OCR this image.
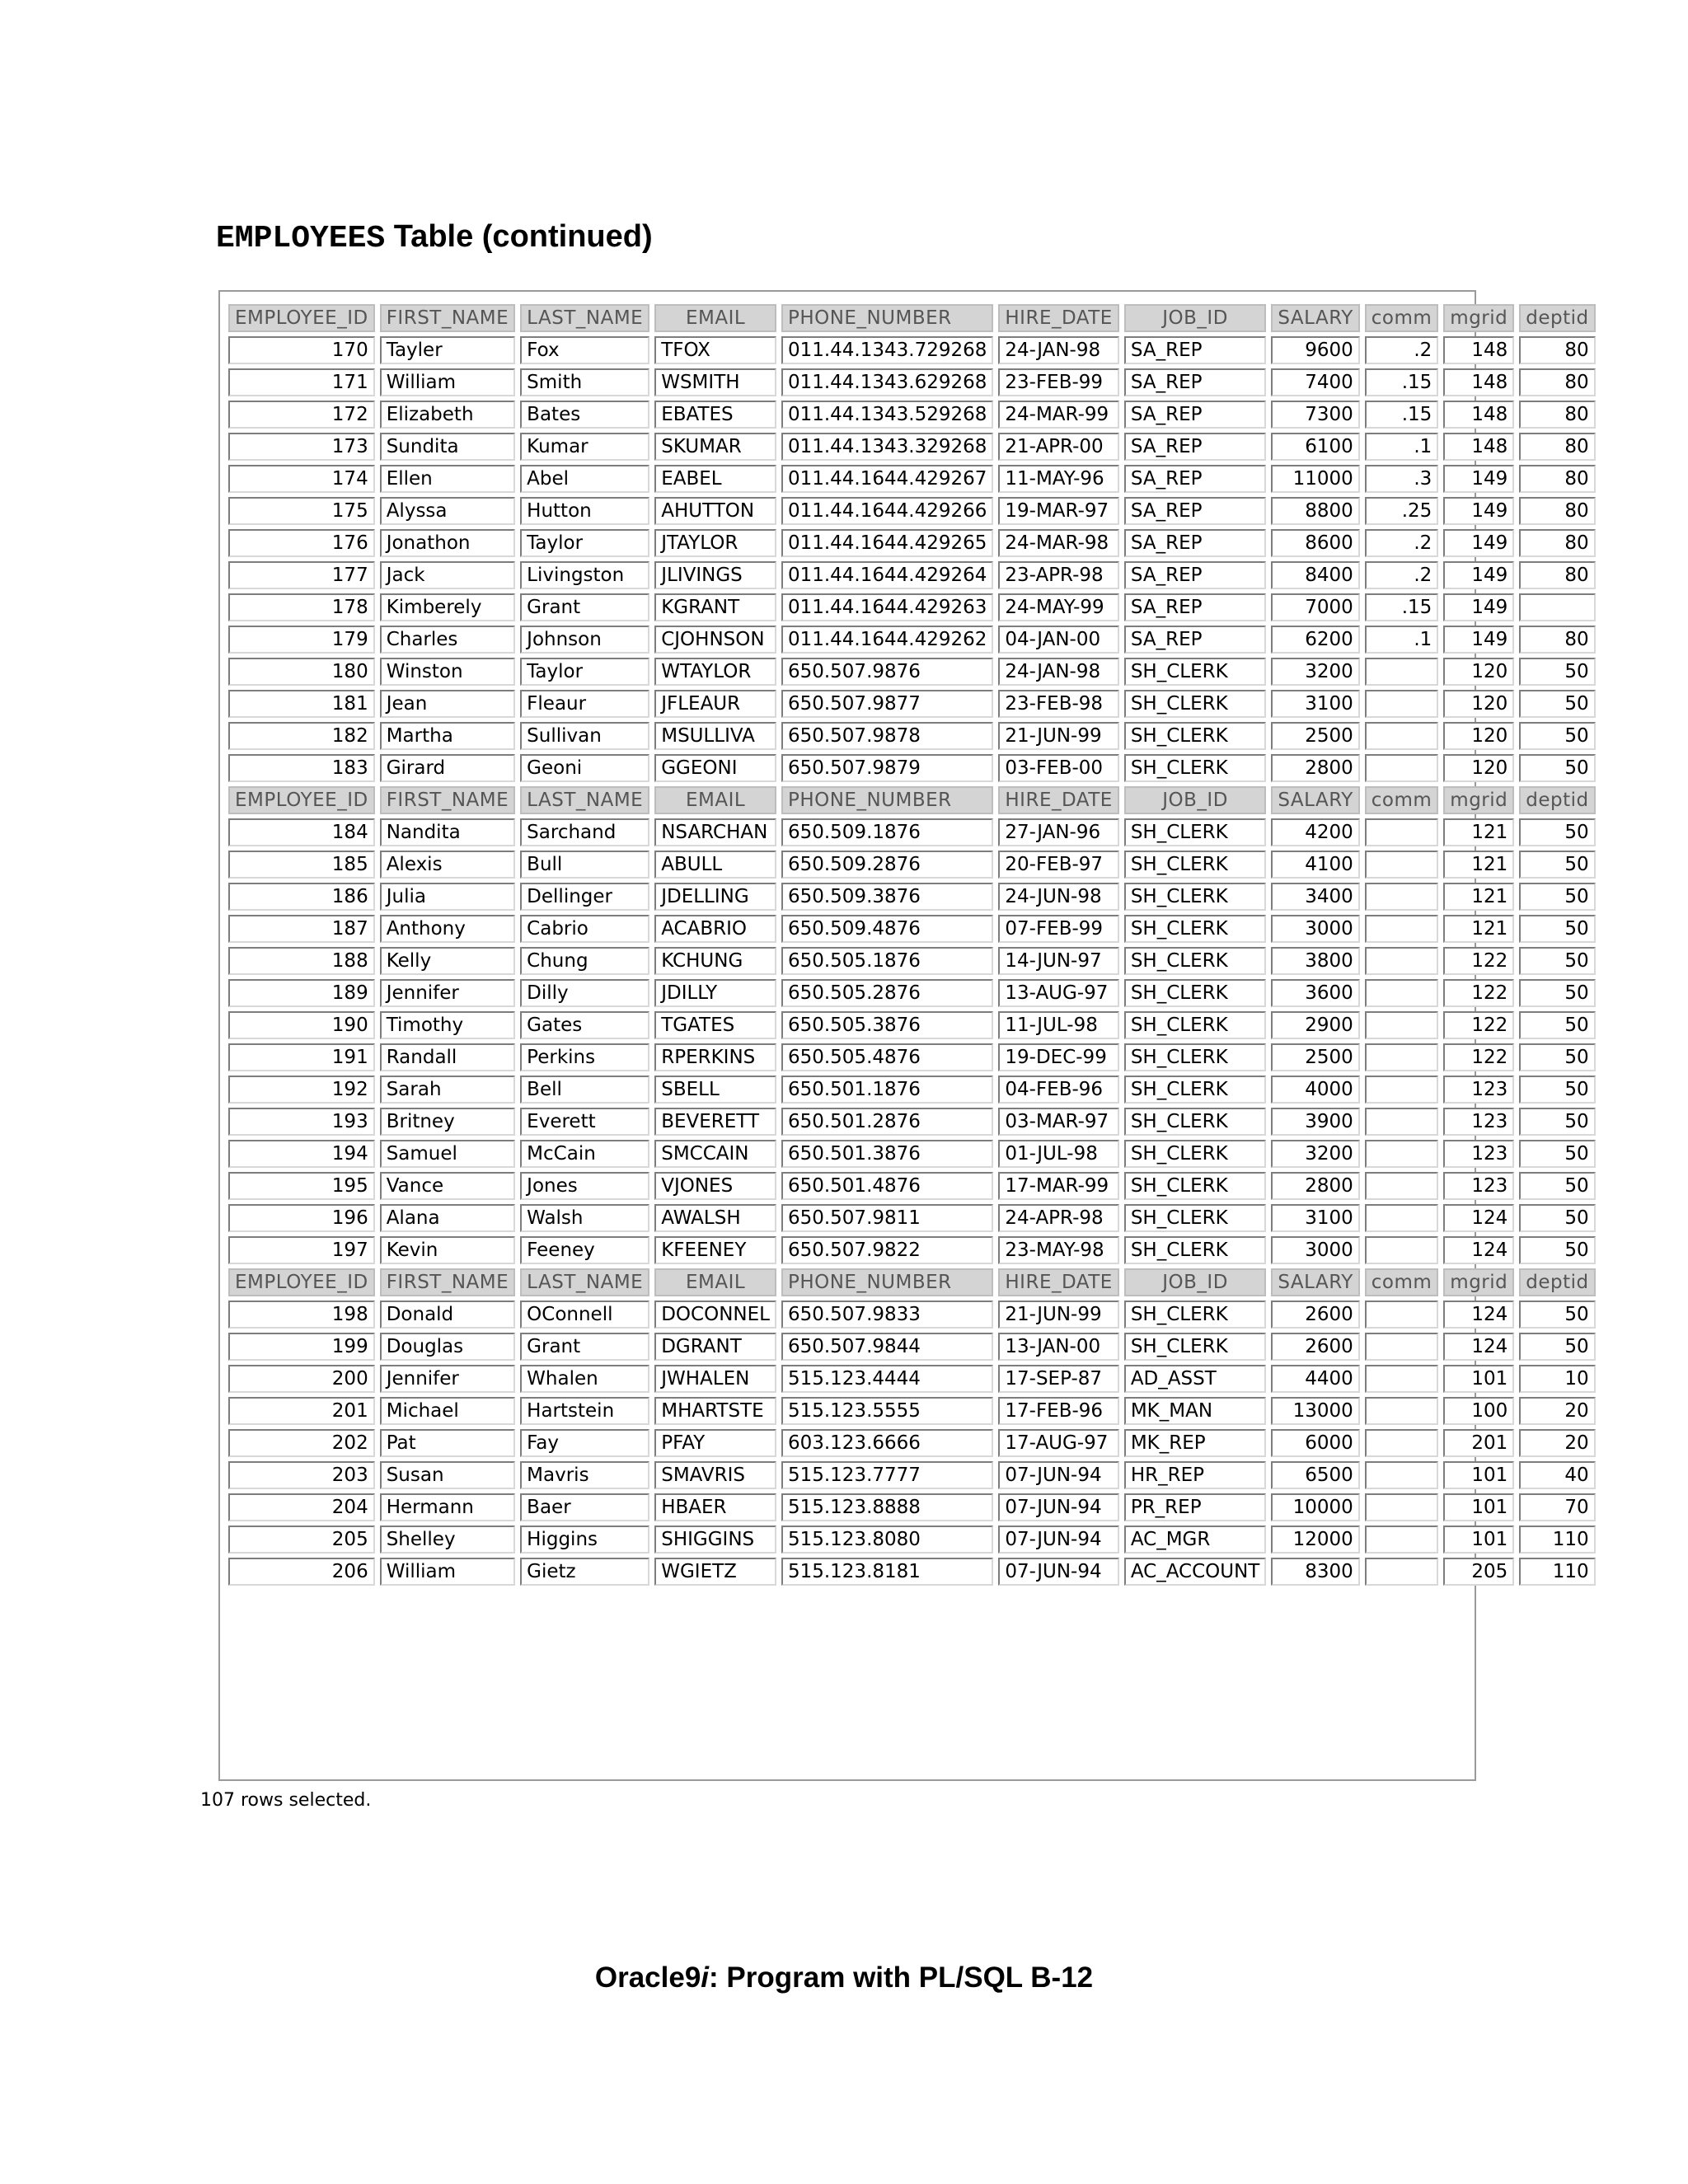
EMPLOYEES Table (continued)
EMPLOYEE_ID	FIRST_NAME	LAST_NAME	EMAIL	PHONE_NUMBER	HIRE_DATE	JOB_ID	SALARY	comm	mgrid	deptid
170	Tayler	Fox	TFOX	011.44.1343.729268	24-JAN-98	SA_REP	9600	.2	148	80
171	William	Smith	WSMITH	011.44.1343.629268	23-FEB-99	SA_REP	7400	.15	148	80
172	Elizabeth	Bates	EBATES	011.44.1343.529268	24-MAR-99	SA_REP	7300	.15	148	80
173	Sundita	Kumar	SKUMAR	011.44.1343.329268	21-APR-00	SA_REP	6100	.1	148	80
174	Ellen	Abel	EABEL	011.44.1644.429267	11-MAY-96	SA_REP	11000	.3	149	80
175	Alyssa	Hutton	AHUTTON	011.44.1644.429266	19-MAR-97	SA_REP	8800	.25	149	80
176	Jonathon	Taylor	JTAYLOR	011.44.1644.429265	24-MAR-98	SA_REP	8600	.2	149	80
177	Jack	Livingston	JLIVINGS	011.44.1644.429264	23-APR-98	SA_REP	8400	.2	149	80
178	Kimberely	Grant	KGRANT	011.44.1644.429263	24-MAY-99	SA_REP	7000	.15	149	
179	Charles	Johnson	CJOHNSON	011.44.1644.429262	04-JAN-00	SA_REP	6200	.1	149	80
180	Winston	Taylor	WTAYLOR	650.507.9876	24-JAN-98	SH_CLERK	3200		120	50
181	Jean	Fleaur	JFLEAUR	650.507.9877	23-FEB-98	SH_CLERK	3100		120	50
182	Martha	Sullivan	MSULLIVA	650.507.9878	21-JUN-99	SH_CLERK	2500		120	50
183	Girard	Geoni	GGEONI	650.507.9879	03-FEB-00	SH_CLERK	2800		120	50
EMPLOYEE_ID	FIRST_NAME	LAST_NAME	EMAIL	PHONE_NUMBER	HIRE_DATE	JOB_ID	SALARY	comm	mgrid	deptid
184	Nandita	Sarchand	NSARCHAN	650.509.1876	27-JAN-96	SH_CLERK	4200		121	50
185	Alexis	Bull	ABULL	650.509.2876	20-FEB-97	SH_CLERK	4100		121	50
186	Julia	Dellinger	JDELLING	650.509.3876	24-JUN-98	SH_CLERK	3400		121	50
187	Anthony	Cabrio	ACABRIO	650.509.4876	07-FEB-99	SH_CLERK	3000		121	50
188	Kelly	Chung	KCHUNG	650.505.1876	14-JUN-97	SH_CLERK	3800		122	50
189	Jennifer	Dilly	JDILLY	650.505.2876	13-AUG-97	SH_CLERK	3600		122	50
190	Timothy	Gates	TGATES	650.505.3876	11-JUL-98	SH_CLERK	2900		122	50
191	Randall	Perkins	RPERKINS	650.505.4876	19-DEC-99	SH_CLERK	2500		122	50
192	Sarah	Bell	SBELL	650.501.1876	04-FEB-96	SH_CLERK	4000		123	50
193	Britney	Everett	BEVERETT	650.501.2876	03-MAR-97	SH_CLERK	3900		123	50
194	Samuel	McCain	SMCCAIN	650.501.3876	01-JUL-98	SH_CLERK	3200		123	50
195	Vance	Jones	VJONES	650.501.4876	17-MAR-99	SH_CLERK	2800		123	50
196	Alana	Walsh	AWALSH	650.507.9811	24-APR-98	SH_CLERK	3100		124	50
197	Kevin	Feeney	KFEENEY	650.507.9822	23-MAY-98	SH_CLERK	3000		124	50
EMPLOYEE_ID	FIRST_NAME	LAST_NAME	EMAIL	PHONE_NUMBER	HIRE_DATE	JOB_ID	SALARY	comm	mgrid	deptid
198	Donald	OConnell	DOCONNEL	650.507.9833	21-JUN-99	SH_CLERK	2600		124	50
199	Douglas	Grant	DGRANT	650.507.9844	13-JAN-00	SH_CLERK	2600		124	50
200	Jennifer	Whalen	JWHALEN	515.123.4444	17-SEP-87	AD_ASST	4400		101	10
201	Michael	Hartstein	MHARTSTE	515.123.5555	17-FEB-96	MK_MAN	13000		100	20
202	Pat	Fay	PFAY	603.123.6666	17-AUG-97	MK_REP	6000		201	20
203	Susan	Mavris	SMAVRIS	515.123.7777	07-JUN-94	HR_REP	6500		101	40
204	Hermann	Baer	HBAER	515.123.8888	07-JUN-94	PR_REP	10000		101	70
205	Shelley	Higgins	SHIGGINS	515.123.8080	07-JUN-94	AC_MGR	12000		101	110
206	William	Gietz	WGIETZ	515.123.8181	07-JUN-94	AC_ACCOUNT	8300		205	110
107 rows selected.
Oracle9i: Program with PL/SQL B-12
